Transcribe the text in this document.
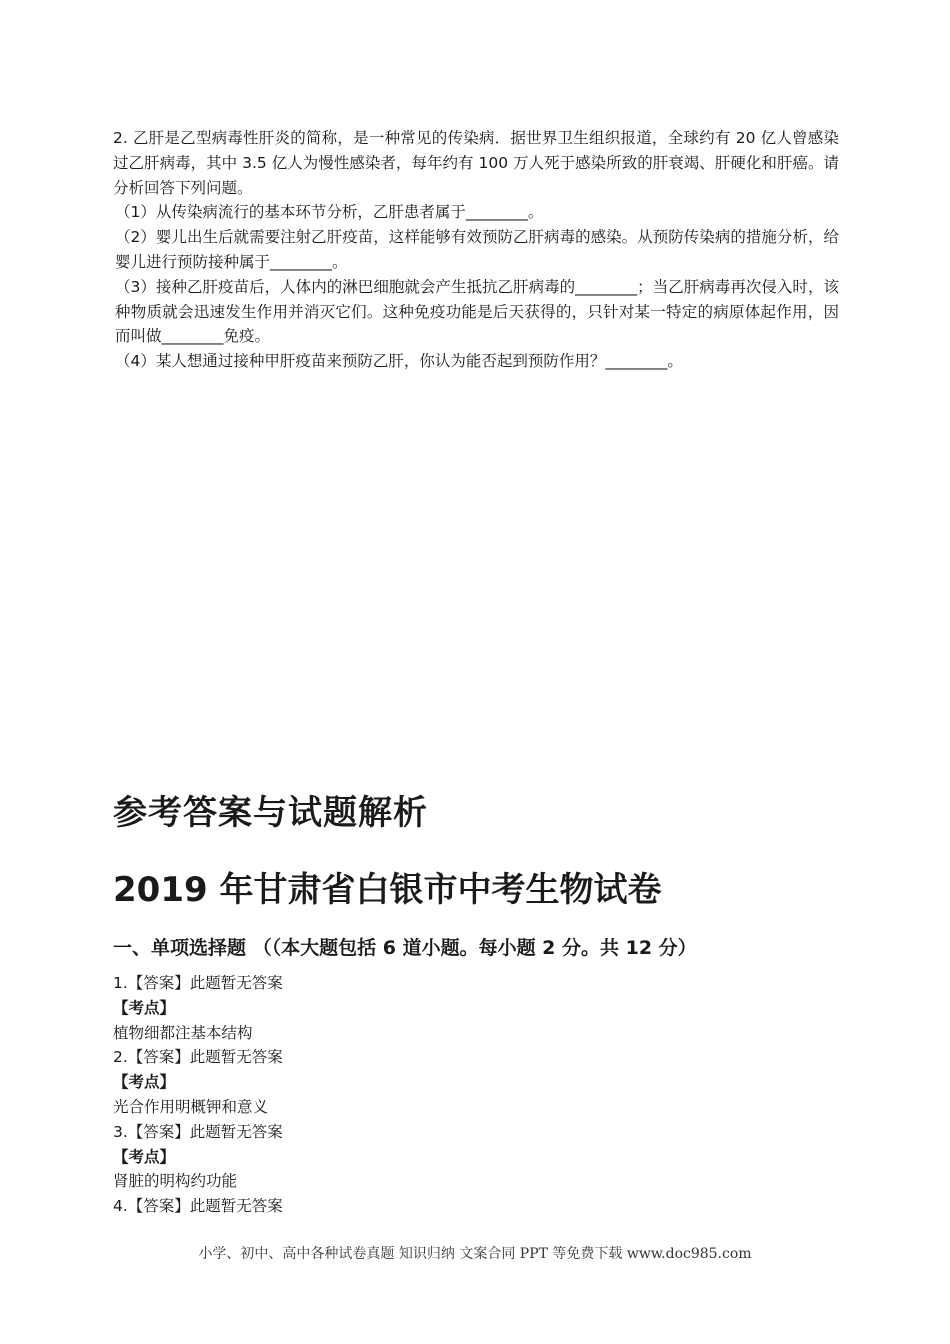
2. 乙肝是乙型病毒性肝炎的简称，是一种常见的传染病．据世界卫生组织报道，全球约有 20 亿人曾感染过乙肝病毒，其中 3.5 亿人为慢性感染者，每年约有 100 万人死于感染所致的肝衰竭、肝硬化和肝癌。请分析回答下列问题。

（1）从传染病流行的基本环节分析，乙肝患者属于________。

（2）婴儿出生后就需要注射乙肝疫苗，这样能够有效预防乙肝病毒的感染。从预防传染病的措施分析，给婴儿进行预防接种属于________。

（3）接种乙肝疫苗后，人体内的淋巴细胞就会产生抵抗乙肝病毒的________；当乙肝病毒再次侵入时，该种物质就会迅速发生作用并消灭它们。这种免疫功能是后天获得的，只针对某一特定的病原体起作用，因而叫做________免疫。

（4）某人想通过接种甲肝疫苗来预防乙肝，你认为能否起到预防作用？________。

参考答案与试题解析
2019 年甘肃省白银市中考生物试卷
一、单项选择题 （（本大题包括 6 道小题。每小题 2 分。共 12 分）

1.【答案】此题暂无答案

【考点】

植物细都注基本结构

2.【答案】此题暂无答案

【考点】

光合作用明概钾和意义

3.【答案】此题暂无答案

【考点】

肾脏的明构约功能

4.【答案】此题暂无答案

小学、初中、高中各种试卷真题 知识归纳 文案合同 PPT 等免费下载 www.doc985.com
